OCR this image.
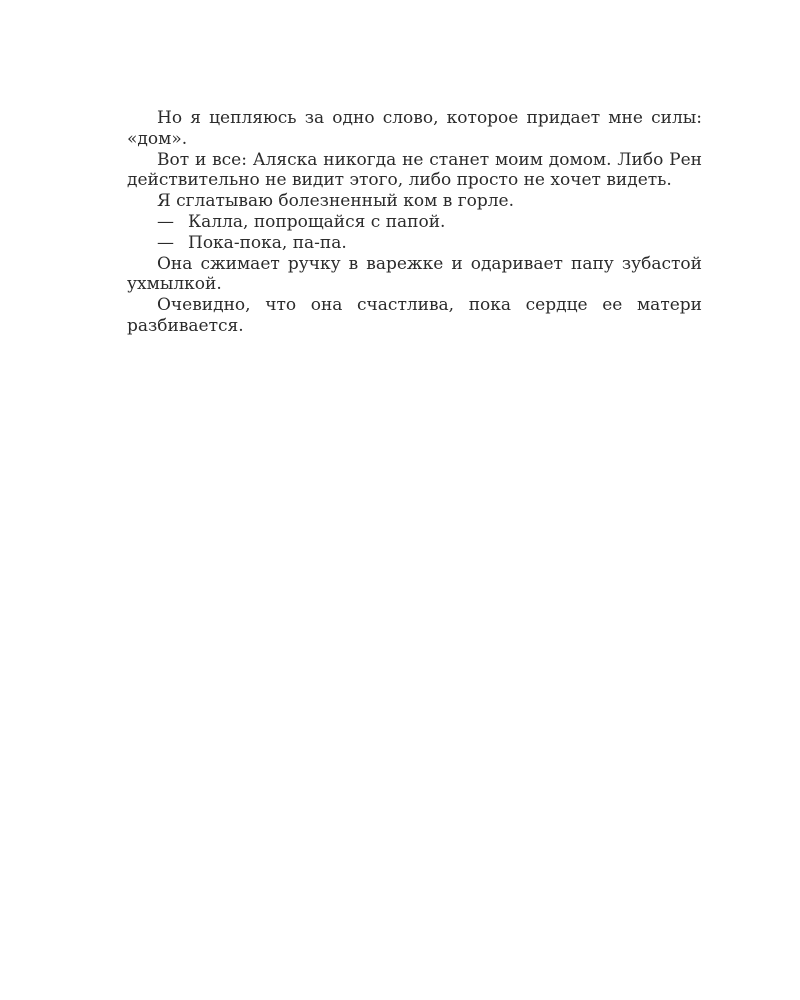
Но я цепляюсь за одно слово, которое придает мне силы: «дом».

Вот и все: Аляска никогда не станет моим домом. Либо Рен действительно не видит этого, либо просто не хочет видеть.

Я сглатываю болезненный ком в горле.

— Калла, попрощайся с папой.

— Пока-пока, па-па.

Она сжимает ручку в варежке и одаривает папу зубастой ухмылкой.

Очевидно, что она счастлива, пока сердце ее матери разбивается.
